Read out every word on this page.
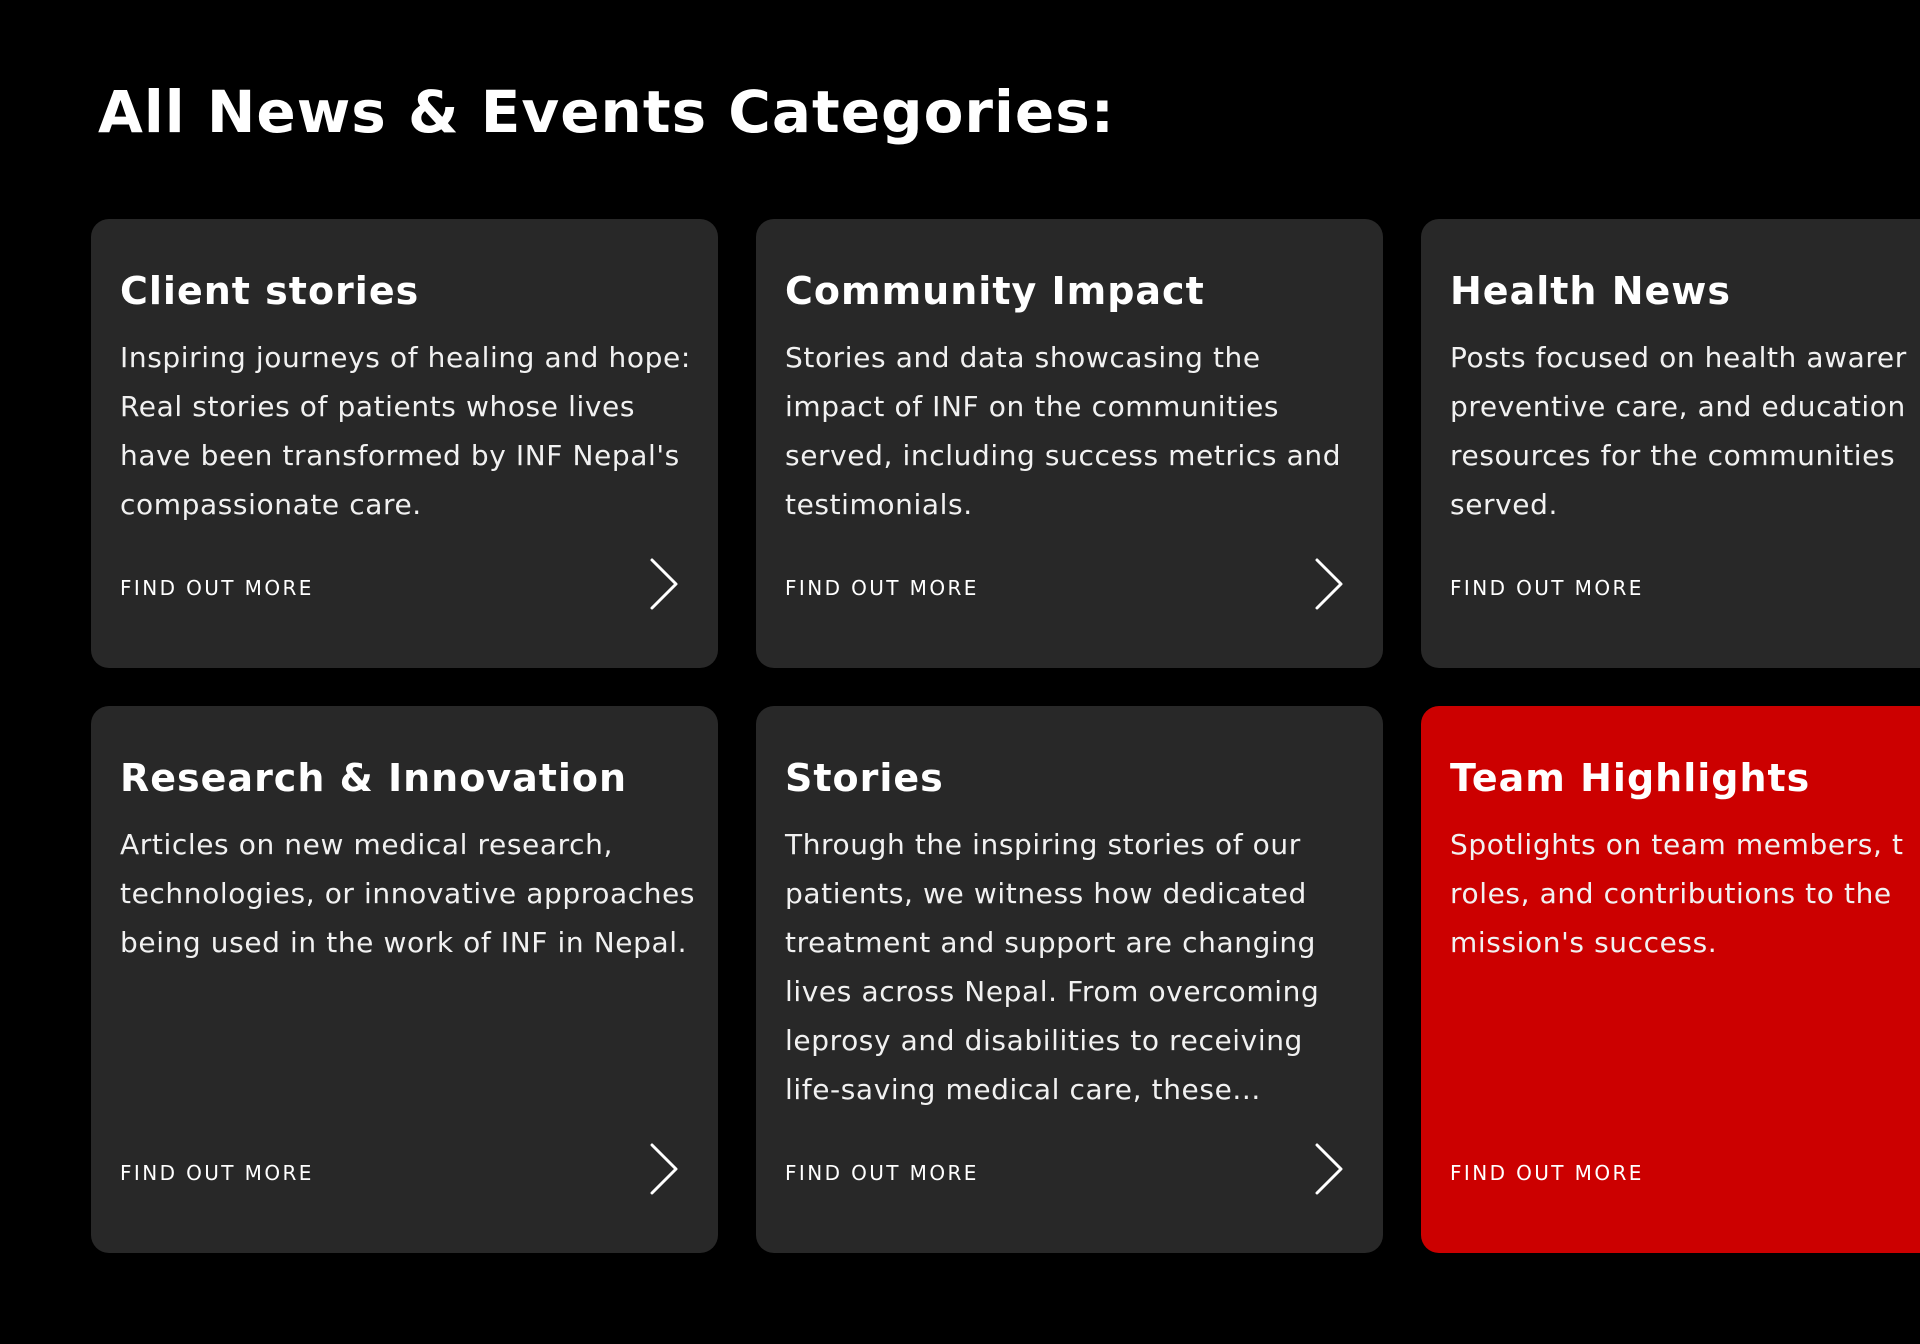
All News & Events Categories:
Client stories

Inspiring journeys of healing and hope: Real stories of patients whose lives have been transformed by INF Nepal's compassionate care.

FIND OUT MORE
Community Impact

Stories and data showcasing the impact of INF on the communities served, including success metrics and testimonials.

FIND OUT MORE
Health News

Posts focused on health awarer
preventive care, and education
resources for the communities
served.

FIND OUT MORE
Research & Innovation

Articles on new medical research, technologies, or innovative approaches being used in the work of INF in Nepal.

FIND OUT MORE
Stories

Through the inspiring stories of our patients, we witness how dedicated treatment and support are changing lives across Nepal. From overcoming leprosy and disabilities to receiving life-saving medical care, these...

FIND OUT MORE
Team Highlights

Spotlights on team members, t
roles, and contributions to the
mission's success.

FIND OUT MORE
